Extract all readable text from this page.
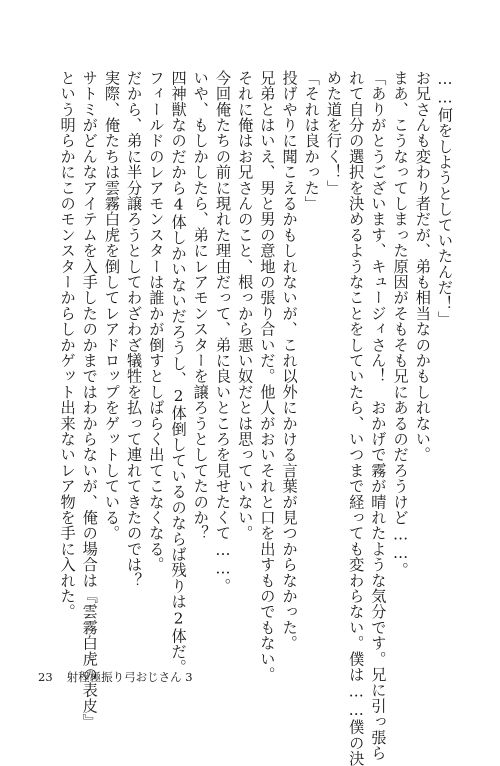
……何をしようとしていたんだ！」
お兄さんも変わり者だが、弟も相当なのかもしれない。
まあ、こうなってしまった原因がそもそも兄にあるのだろうけど……。
「ありがとうございます、キュージィさん！　おかげで霧が晴れたような気分です。兄に引っ張ら
れて自分の選択を決めるようなことをしていたら、いつまで経っても変わらない。僕は……僕の決
めた道を行く！」
「それは良かった」
投げやりに聞こえるかもしれないが、これ以外にかける言葉が見つからなかった。
兄弟とはいえ、男と男の意地の張り合いだ。他人がおいそれと口を出すものでもない。
それに俺はお兄さんのこと、根っから悪い奴だとは思っていない。
今回俺たちの前に現れた理由だって、弟に良いところを見せたくて……。
いや、もしかしたら、弟にレアモンスターを譲ろうとしてたのか？
四神獣なのだから4体しかいないだろうし、2体倒しているのならば残りは2体だ。
フィールドのレアモンスターは誰かが倒すとしばらく出てこなくなる。
だから、弟に半分譲ろうとしてわざわざ犠牲を払って連れてきたのでは？
実際、俺たちは雲霧白虎を倒してレアドロップをゲットしている。
サトミがどんなアイテムを入手したのかまではわからないが、俺の場合は『雲霧白虎の表皮』
という明らかにこのモンスターからしかゲット出来ないレア物を手に入れた。
23 射程極振り弓おじさん 3
